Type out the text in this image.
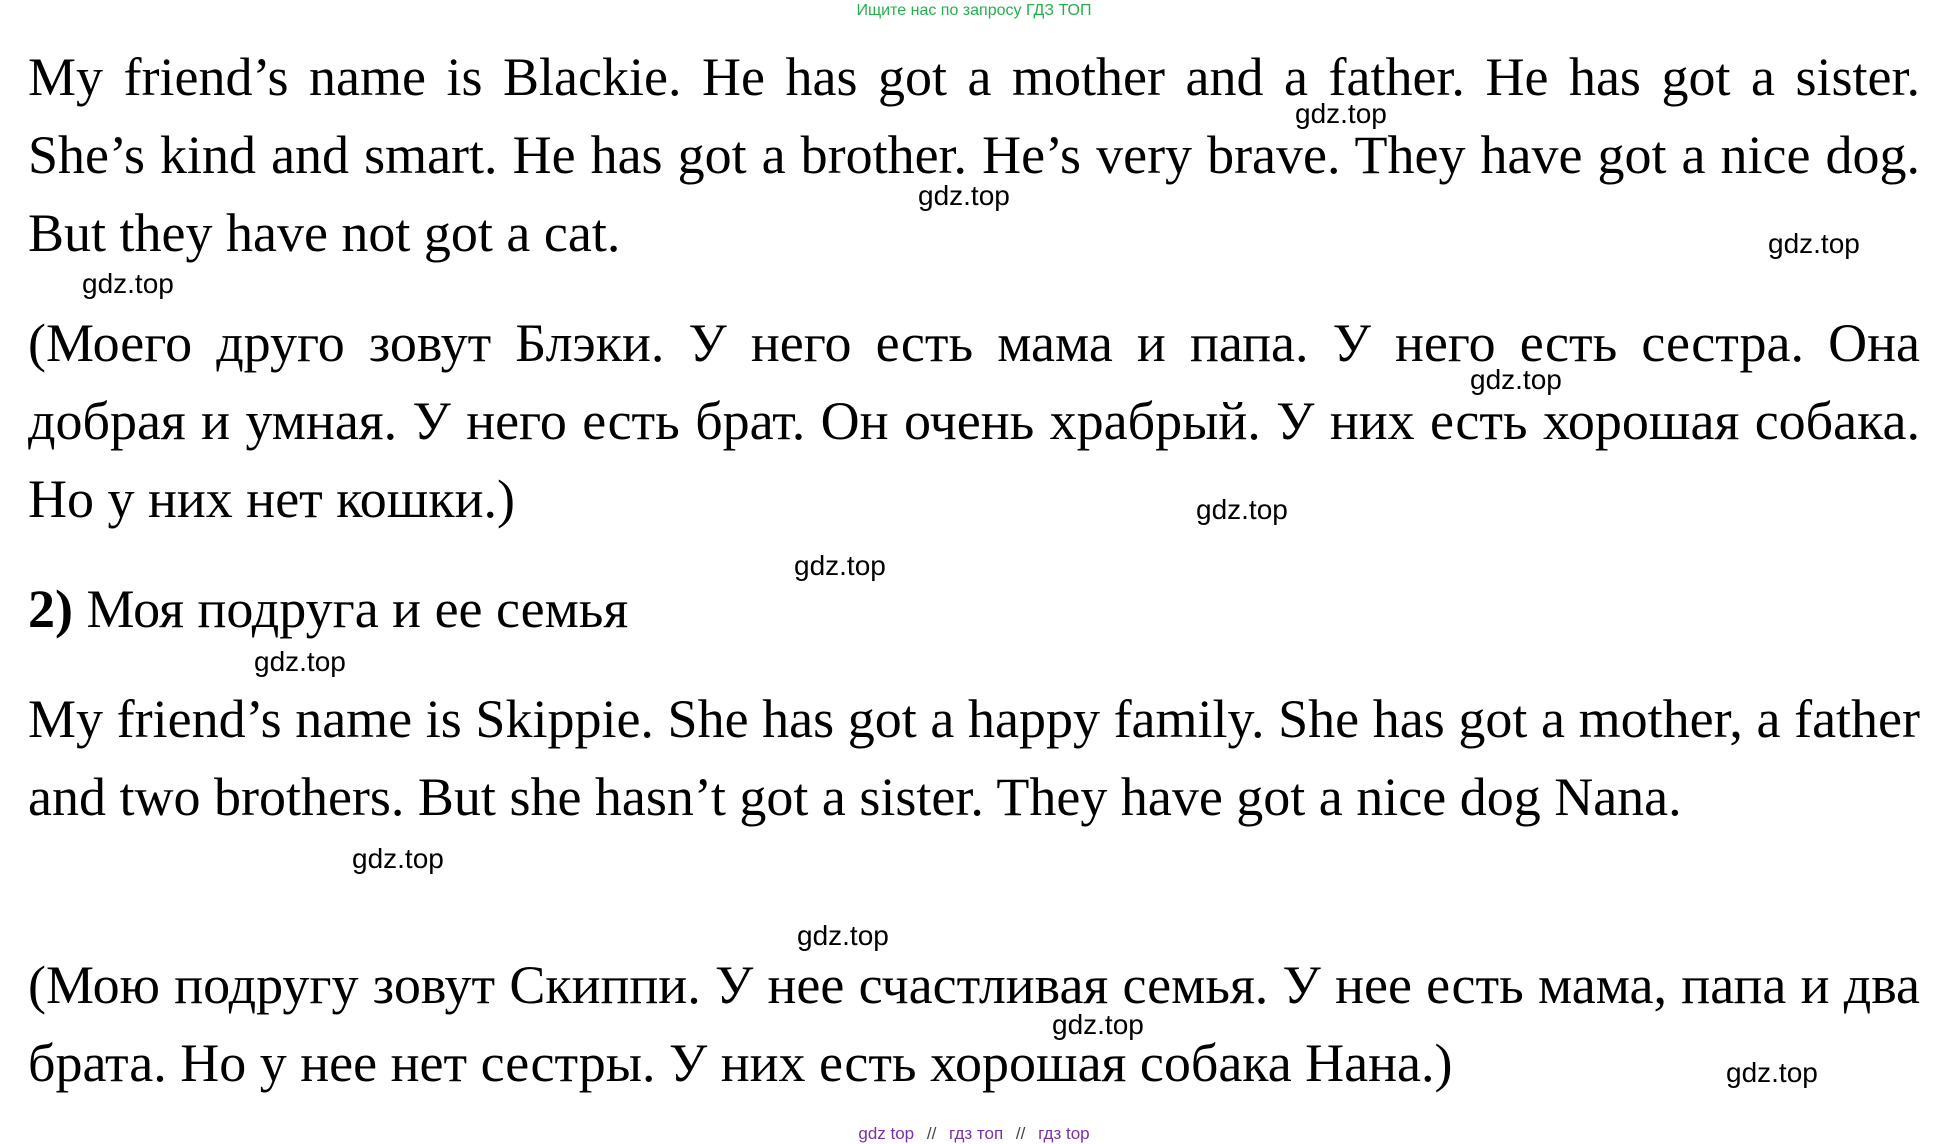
Ищите нас по запросу ГДЗ ТОП

My friend’s name is Blackie. He has got a mother and a father. He has got a sister. She’s kind and smart. He has got a brother. He’s very brave. They have got a nice dog. But they have not got a cat.

(Моего друго зовут Блэки. У него есть мама и папа. У него есть сестра. Она добрая и умная. У него есть брат. Он очень храбрый. У них есть хорошая собака. Но у них нет кошки.)

2) Моя подруга и ее семья

My friend’s name is Skippie. She has got a happy family. She has got a mother, a father and two brothers. But she hasn’t got a sister. They have got a nice dog Nana.

(Мою подругу зовут Скиппи. У нее счастливая семья. У нее есть мама, папа и два брата. Но у нее нет сестры. У них есть хорошая собака Нана.)

gdz.top
gdz.top
gdz.top
gdz.top
gdz.top
gdz.top
gdz.top
gdz.top
gdz.top
gdz.top
gdz.top
gdz.top
gdz top // гдз топ // гдз top
